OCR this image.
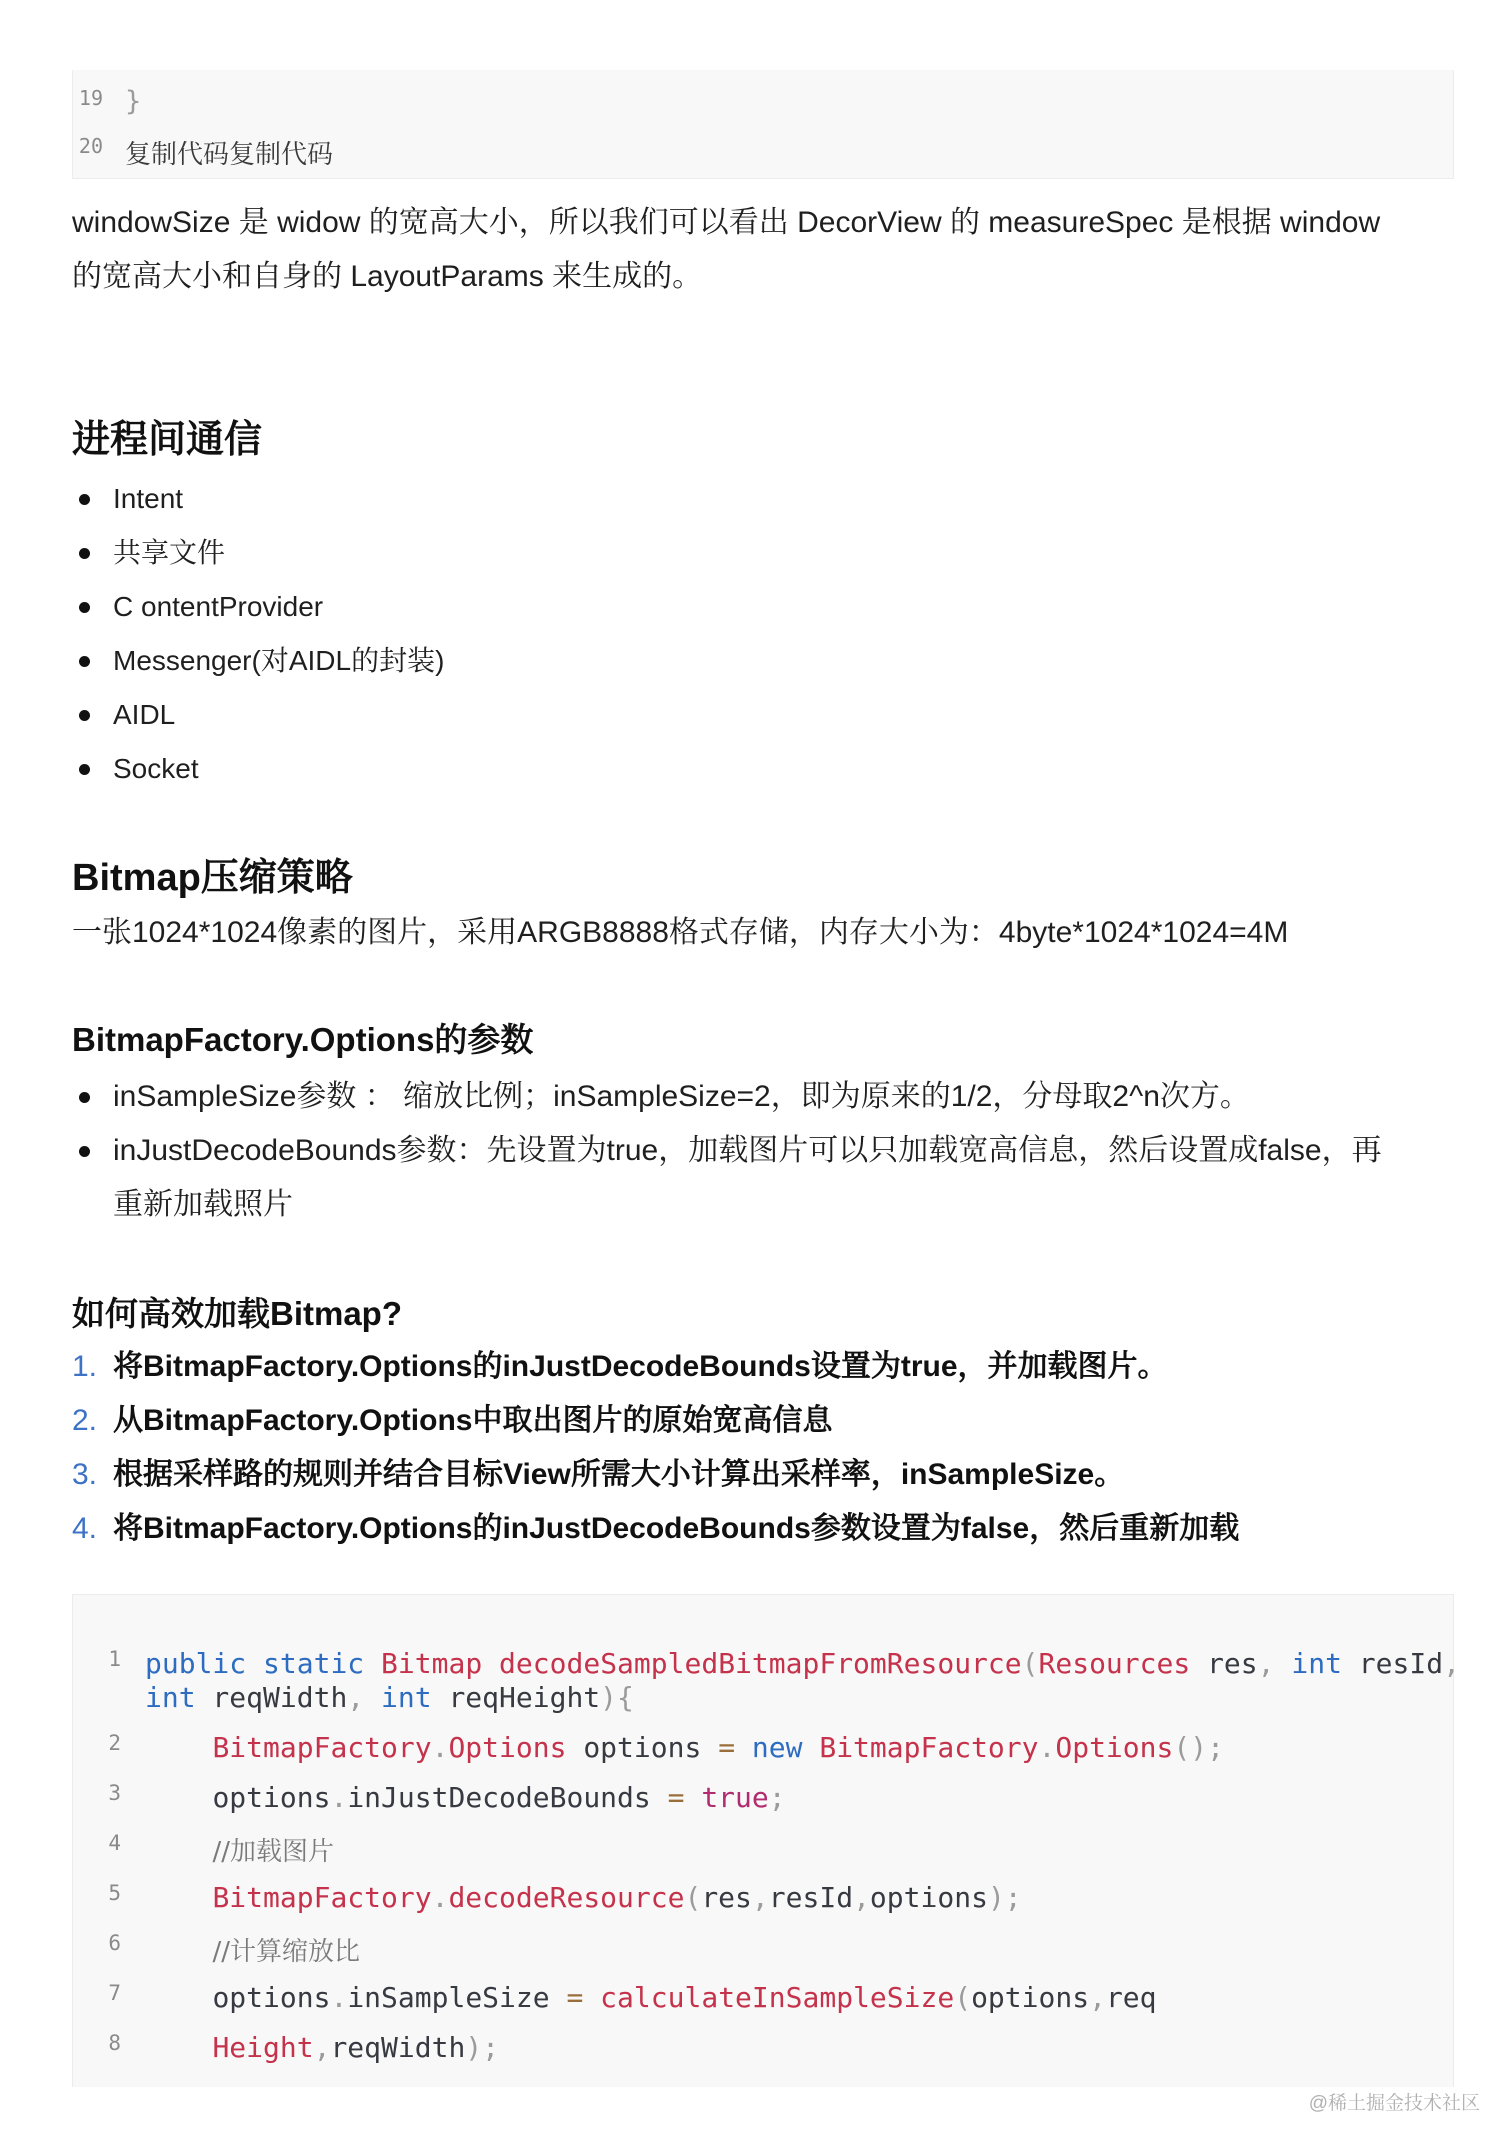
19 }
20 复制代码复制代码

windowSize 是 widow 的宽高大小，所以我们可以看出 DecorView 的 measureSpec 是根据 window
的宽高大小和自身的 LayoutParams 来生成的。

进程间通信
Intent
共享文件
C ontentProvider
Messenger(对AIDL的封装)
AIDL
Socket
Bitmap压缩策略

一张1024*1024像素的图片，采用ARGB8888格式存储，内存大小为：4byte*1024*1024=4M

BitmapFactory.Options的参数
inSampleSize参数 ： 缩放比例；inSampleSize=2，即为原来的1/2，分母取2^n次方。
inJustDecodeBounds参数：先设置为true，加载图片可以只加载宽高信息，然后设置成false，再
重新加载照片
如何高效加载Bitmap?
1. 将BitmapFactory.Options的inJustDecodeBounds设置为true，并加载图片。
2. 从BitmapFactory.Options中取出图片的原始宽高信息
3. 根据采样路的规则并结合目标View所需大小计算出采样率，inSampleSize。
4. 将BitmapFactory.Options的inJustDecodeBounds参数设置为false，然后重新加载
1 public static Bitmap decodeSampledBitmapFromResource(Resources res, int resId,
int reqWidth, int reqHeight){
2	BitmapFactory.Options options = new BitmapFactory.Options();
3	options.inJustDecodeBounds = true;
4	//加载图片
5	BitmapFactory.decodeResource(res,resId,options);
6	//计算缩放比
7	options.inSampleSize = calculateInSampleSize(options,req
8	Height,reqWidth);
@稀土掘金技术社区
